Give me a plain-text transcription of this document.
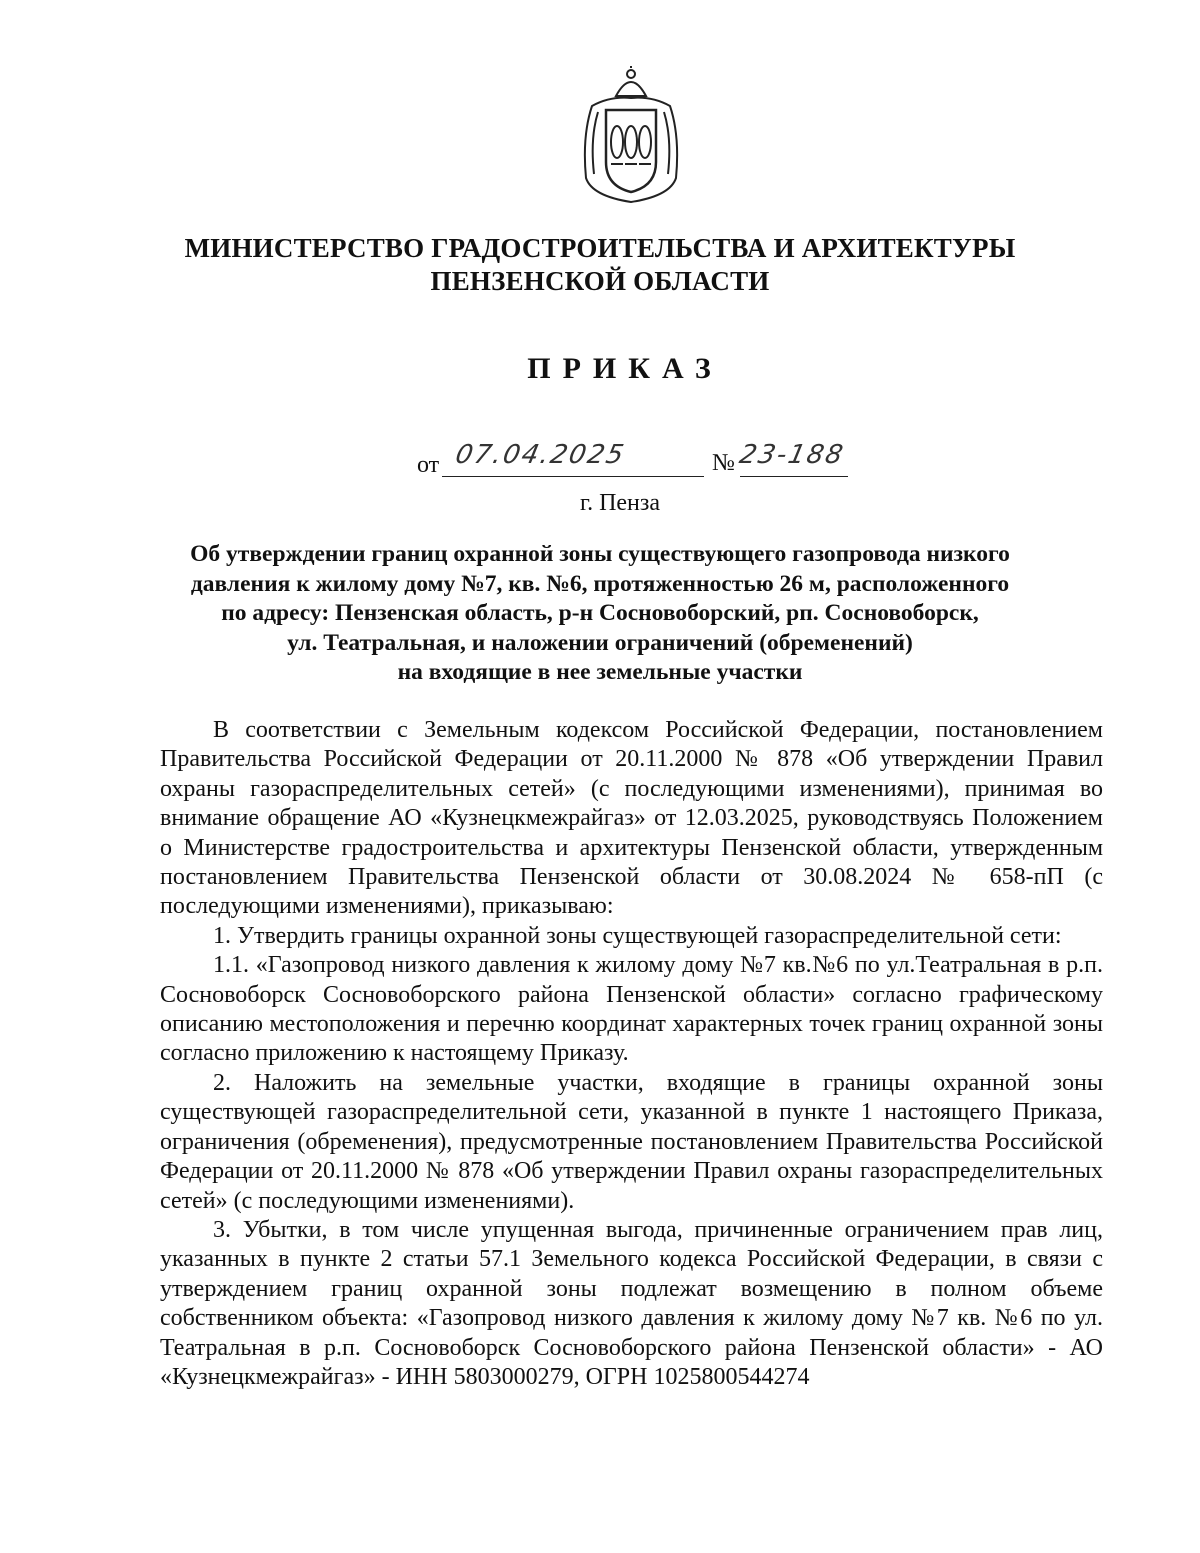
МИНИСТЕРСТВО ГРАДОСТРОИТЕЛЬСТВА И АРХИТЕКТУРЫ
ПЕНЗЕНСКОЙ ОБЛАСТИ
ПРИКАЗ
от 07.04.2025	№ 23-188
г. Пенза
Об утверждении границ охранной зоны существующего газопровода низкого
давления к жилому дому №7, кв. №6, протяженностью 26 м, расположенного
по адресу: Пензенская область, р-н Сосновоборский, рп. Сосновоборск,
ул. Театральная, и наложении ограничений (обременений)
на входящие в нее земельные участки

В соответствии с Земельным кодексом Российской Федерации, постановлением Правительства Российской Федерации от 20.11.2000 № 878 «Об утверждении Правил охраны газораспределительных сетей» (с последующими изменениями), принимая во внимание обращение АО «Кузнецкмежрайгаз» от 12.03.2025, руководствуясь Положением о Министерстве градостроительства и архитектуры Пензенской области, утвержденным постановлением Правительства Пензенской области от 30.08.2024 № 658-пП (с последующими изменениями), приказываю:

1. Утвердить границы охранной зоны существующей газораспределительной сети:

1.1. «Газопровод низкого давления к жилому дому №7 кв.№6 по ул.Театральная в р.п. Сосновоборск Сосновоборского района Пензенской области» согласно графическому описанию местоположения и перечню координат характерных точек границ охранной зоны согласно приложению к настоящему Приказу.

2. Наложить на земельные участки, входящие в границы охранной зоны существующей газораспределительной сети, указанной в пункте 1 настоящего Приказа, ограничения (обременения), предусмотренные постановлением Правительства Российской Федерации от 20.11.2000 № 878 «Об утверждении Правил охраны газораспределительных сетей» (с последующими изменениями).

3. Убытки, в том числе упущенная выгода, причиненные ограничением прав лиц, указанных в пункте 2 статьи 57.1 Земельного кодекса Российской Федерации, в связи с утверждением границ охранной зоны подлежат возмещению в полном объеме собственником объекта: «Газопровод низкого давления к жилому дому №7 кв. №6 по ул. Театральная в р.п. Сосновоборск Сосновоборского района Пензенской области» - АО «Кузнецкмежрайгаз» - ИНН 5803000279, ОГРН 1025800544274
